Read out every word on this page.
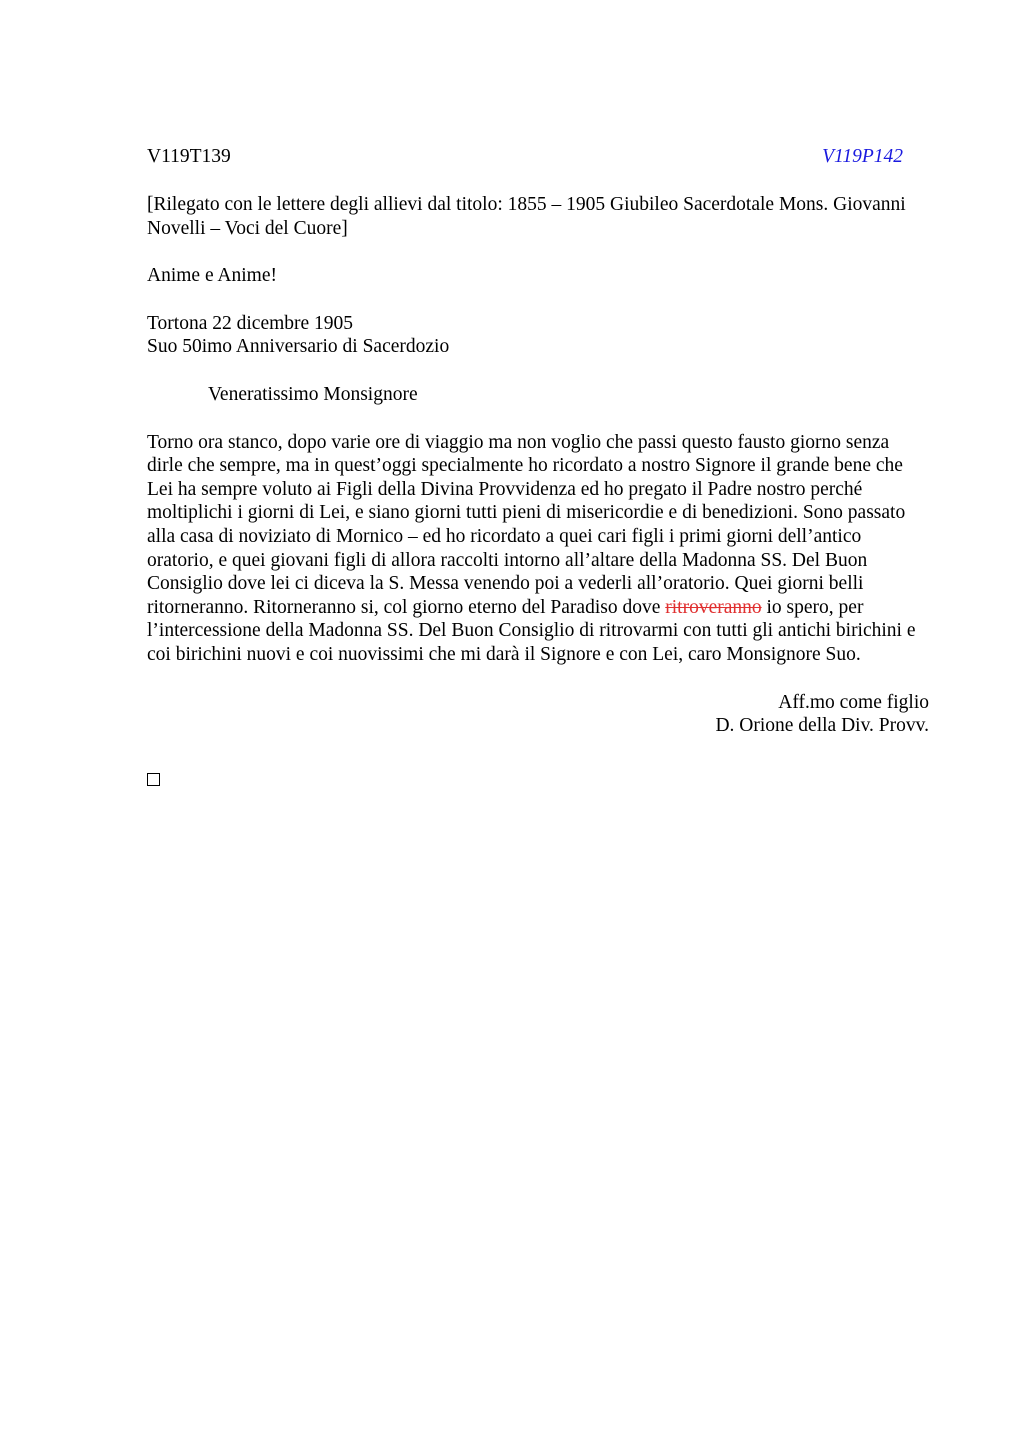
V119T139	V119P142

[Rilegato con le lettere degli allievi dal titolo: 1855 – 1905 Giubileo Sacerdotale Mons. Giovanni Novelli – Voci del Cuore]

Anime e Anime!

Tortona 22 dicembre 1905
Suo 50imo Anniversario di Sacerdozio

Veneratissimo Monsignore

Torno ora stanco, dopo varie ore di viaggio ma non voglio che passi questo fausto giorno senza dirle che sempre, ma in quest’oggi specialmente ho ricordato a nostro Signore il grande bene che Lei ha sempre voluto ai Figli della Divina Provvidenza ed ho pregato il Padre nostro perché moltiplichi i giorni di Lei, e siano giorni tutti pieni di misericordie e di benedizioni. Sono passato alla casa di noviziato di Mornico – ed ho ricordato a quei cari figli i primi giorni dell’antico oratorio, e quei giovani figli di allora raccolti intorno all’altare della Madonna SS. Del Buon Consiglio dove lei ci diceva la S. Messa venendo poi a vederli all’oratorio. Quei giorni belli ritorneranno. Ritorneranno si, col giorno eterno del Paradiso dove ritroveranno io spero, per l’intercessione della Madonna SS. Del Buon Consiglio di ritrovarmi con tutti gli antichi birichini e coi birichini nuovi e coi nuovissimi che mi darà il Signore e con Lei, caro Monsignore Suo.

Aff.mo come figlio
D. Orione della Div. Provv.
